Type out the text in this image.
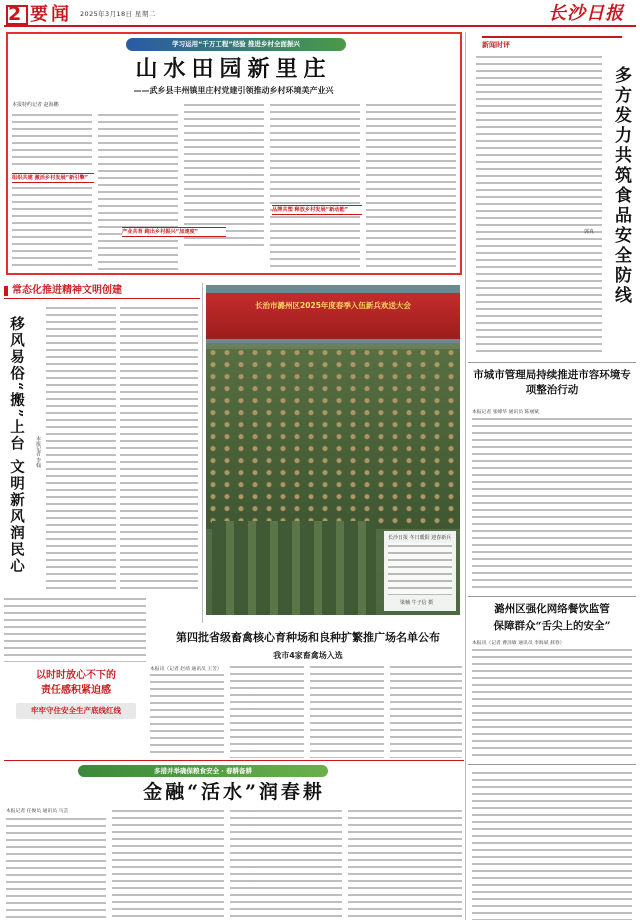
2 要闻 2025年3月18日 星期二	长沙日报
学习运用“千万工程”经验 推进乡村全面振兴
山水田园新里庄
——武乡县丰州镇里庄村党建引领推动乡村环境美产业兴
本报特约记者 赵海鹏
组织共建 激活乡村发展“新引擎”
产业共育 跑出乡村振兴“加速度”
品牌共塑 释放乡村发展“新动能”
新闻时评
多方发力共筑食品安全防线
郭真
常态化推进精神文明创建
移风易俗“搬”上台 文明新风润民心	本报记者 李翰
长治市潞州区2025年度春季入伍新兵欢送大会
长沙日报 冬日暖阳 迎春新兵
梁楠 牛子信 摄
市城市管理局持续推进市容环境专项整治行动
本报记者 张峰华 通讯员 陈丽斌
潞州区强化网络餐饮监管
保障群众“舌尖上的安全”
本报讯（记者 曹泽敏 通讯员 李海斌 郝春）
第四批省级畜禽核心育种场和良种扩繁推广场名单公布
我市4家畜禽场入选
本报讯（记者 赵靖 通讯员 王芳）
以时时放心不下的
责任感积紧迫感
牢牢守住安全生产底线红线
多措并举确保粮食安全 · 春耕备耕
金融“活水”润春耕
本报记者 任俊员 通讯员 马芸
